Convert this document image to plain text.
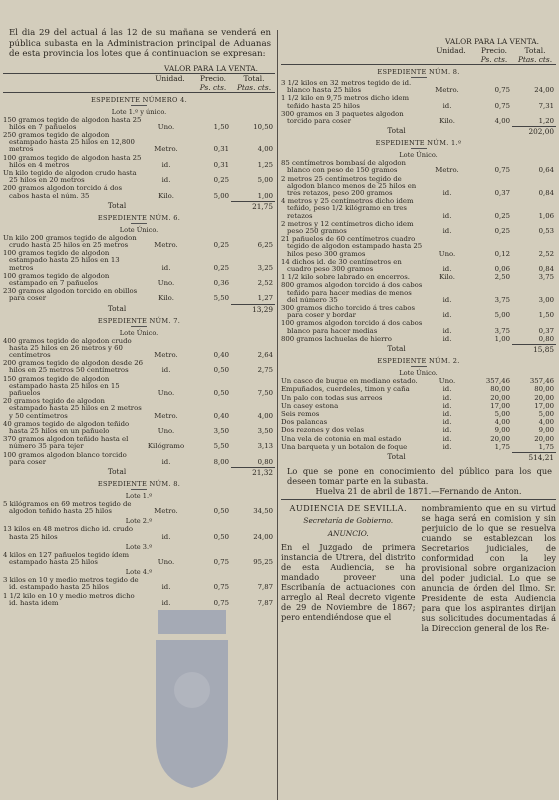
El dia 29 del actual á las 12 de su mañana se venderá en pública subasta en la Administracion principal de Aduanas de esta provincia los lotes que á continuacion se expresan:

VALOR PARA LA VENTA.
Unidad.	Precio.	Total.
Ps. cts.	Ptas. cts.
ESPEDIENTE NÚMERO 4.
Lote 1.º y único.
150 gramos tegido de algodon hasta 25 hilos en 7 pañuelos	Uno.	1,50	10,50
250 gramos tegido de algodon estampado hasta 25 hilos en 12,800 metros	Metro.	0,31	4,00
100 gramos tegido de algodon hasta 25 hilos en 4 metros	id.	0,31	1,25
Un kilo tegido de algodon crudo hasta 25 hilos en 20 metros	id.	0,25	5,00
200 gramos algodon torcido á dos cabos hasta el núm. 35	Kilo.	5,00	1,00
Total	21,75
ESPEDIENTE NÚM. 6.
Lote Único.
Un kilo 200 gramos tegido de algodon crudo hasta 25 hilos en 25 metros	Metro.	0,25	6,25
100 gramos tegido de algodon estampado hasta 25 hilos en 13 metros	id.	0,25	3,25
100 gramos tegido de algodon estampado en 7 pañuelos	Uno.	0,36	2,52
230 gramos algodon torcido en obillos para coser	Kilo.	5,50	1,27
Total	13,29
ESPEDIENTE NÚM. 7.
Lote Único.
400 gramos tegido de algodon crudo hasta 25 hilos en 26 metros y 60 centímetros	Metro.	0,40	2,64
200 gramos tegido de algodon desde 26 hilos en 25 metros 50 centímetros	id.	0,50	2,75
150 gramos tegido de algodon estampado hasta 25 hilos en 15 pañuelos	Uno.	0,50	7,50
20 gramos tegido de algodon estampado hasta 25 hilos en 2 metros y 50 centímetros	Metro.	0,40	4,00
40 gramos tegido de algodon teñido hasta 25 hilos en un pañuelo	Uno.	3,50	3,50
370 gramos algodon teñido hasta el número 35 para tejer	Kilógramo	5,50	3,13
100 gramos algodon blanco torcido para coser	id.	8,00	0,80
Total	21,32
ESPEDIENTE NÚM. 8.
Lote 1.º
5 kilógramos en 69 metros tegido de algodon teñido hasta 25 hilos	Metro.	0,50	34,50
Lote 2.º
13 kilos en 48 metros dicho id. crudo hasta 25 hilos	id.	0,50	24,00
Lote 3.º
4 kilos en 127 pañuelos tegido ídem estampado hasta 25 hilos	Uno.	0,75	95,25
Lote 4.º
3 kilos en 10 y medio metros tegido de id. estampado hasta 25 hilos	id.	0,75	7,87
1 1/2 kilo en 10 y medio metros dicho id. hasta idem	id.	0,75	7,87
VALOR PARA LA VENTA.
Unidad.	Precio.	Total.
Ps. cts.	Ptas. cts.
ESPEDIENTE NÚM. 8.
3 1/2 kilos en 32 metros tegido de id. blanco hasta 25 hilos	Metro.	0,75	24,00
1 1/2 kilo en 9,75 metros dicho idem teñido hasta 25 hilos	id.	0,75	7,31
300 gramos en 3 paquetes algodon torcido para coser	Kilo.	4,00	1,20
Total	202,00
ESPEDIENTE NÚM. 1.º
Lote Único.
85 centímetros bombasí de algodon blanco con peso de 150 gramos	Metro.	0,75	0,64
2 metros 25 centímetros tegido de algodon blanco menos de 25 hilos en tres retazos, peso 200 gramos	id.	0,37	0,84
4 metros y 25 centímetros dicho idem teñido, peso 1/2 kilógramo en tres retazos	id.	0,25	1,06
2 metros y 12 centímetros dicho idem peso 250 gramos	id.	0,25	0,53
21 pañuelos de 60 centímetros cuadro tegido de algodon estampado hasta 25 hilos peso 300 gramos	Uno.	0,12	2,52
14 dichos id. de 30 centímetros en cuadro peso 300 gramos	id.	0,06	0,84
1 1/2 kilo sobre labrado en encerros.	Kilo.	2,50	3,75
800 gramos algodon torcido á dos cabos teñido para hacer medias de menos del número 35	id.	3,75	3,00
300 gramos dicho torcido á tres cabos para coser y bordar	id.	5,00	1,50
100 gramos algodon torcido á dos cabos blanco para hacer medias	id.	3,75	0,37
800 gramos lachuelas de hierro	id.	1,00	0,80
Total	15,85
ESPEDIENTE NÚM. 2.
Lote Único.
Un casco de buque en mediano estado.	Uno.	357,46	357,46
Empuñados, cuerdeles, timon y caña	id.	80,00	80,00
Un palo con todas sus arreos	id.	20,00	20,00
Un casey estona	id.	17,00	17,00
Seis remos	id.	5,00	5,00
Dos palancas	id.	4,00	4,00
Dos rezones y dos velas	id.	9,00	9,00
Una vela de cotonia en mal estado	id.	20,00	20,00
Una barqueta y un botalon de foque	id.	1,75	1,75
Total	514,21

Lo que se pone en conocimiento del público para los que deseen tomar parte en la subasta.

Huelva 21 de abril de 1871.—Fernando de Anton.
AUDIENCIA DE SEVILLA.
Secretaría de Gobierno.
ANUNCIO.
En el Juzgado de primera instancia de Utrera, del distrito de esta Audiencia, se ha mandado proveer una Escribanía de actuaciones con arreglo al Real decreto vigente de 29 de Noviembre de 1867; pero entendiéndose que el
nombramiento que en su virtud se haga será en comision y sin perjuicio de lo que se resuelva cuando se establezcan los Secretarios judiciales, de conformidad con la ley provisional sobre organizacion del poder judicial. Lo que se anuncia de órden del Ilmo. Sr. Presidente de esta Audiencia para que los aspirantes dirijan sus solicitudes documentadas á la Direccion general de los Re-
